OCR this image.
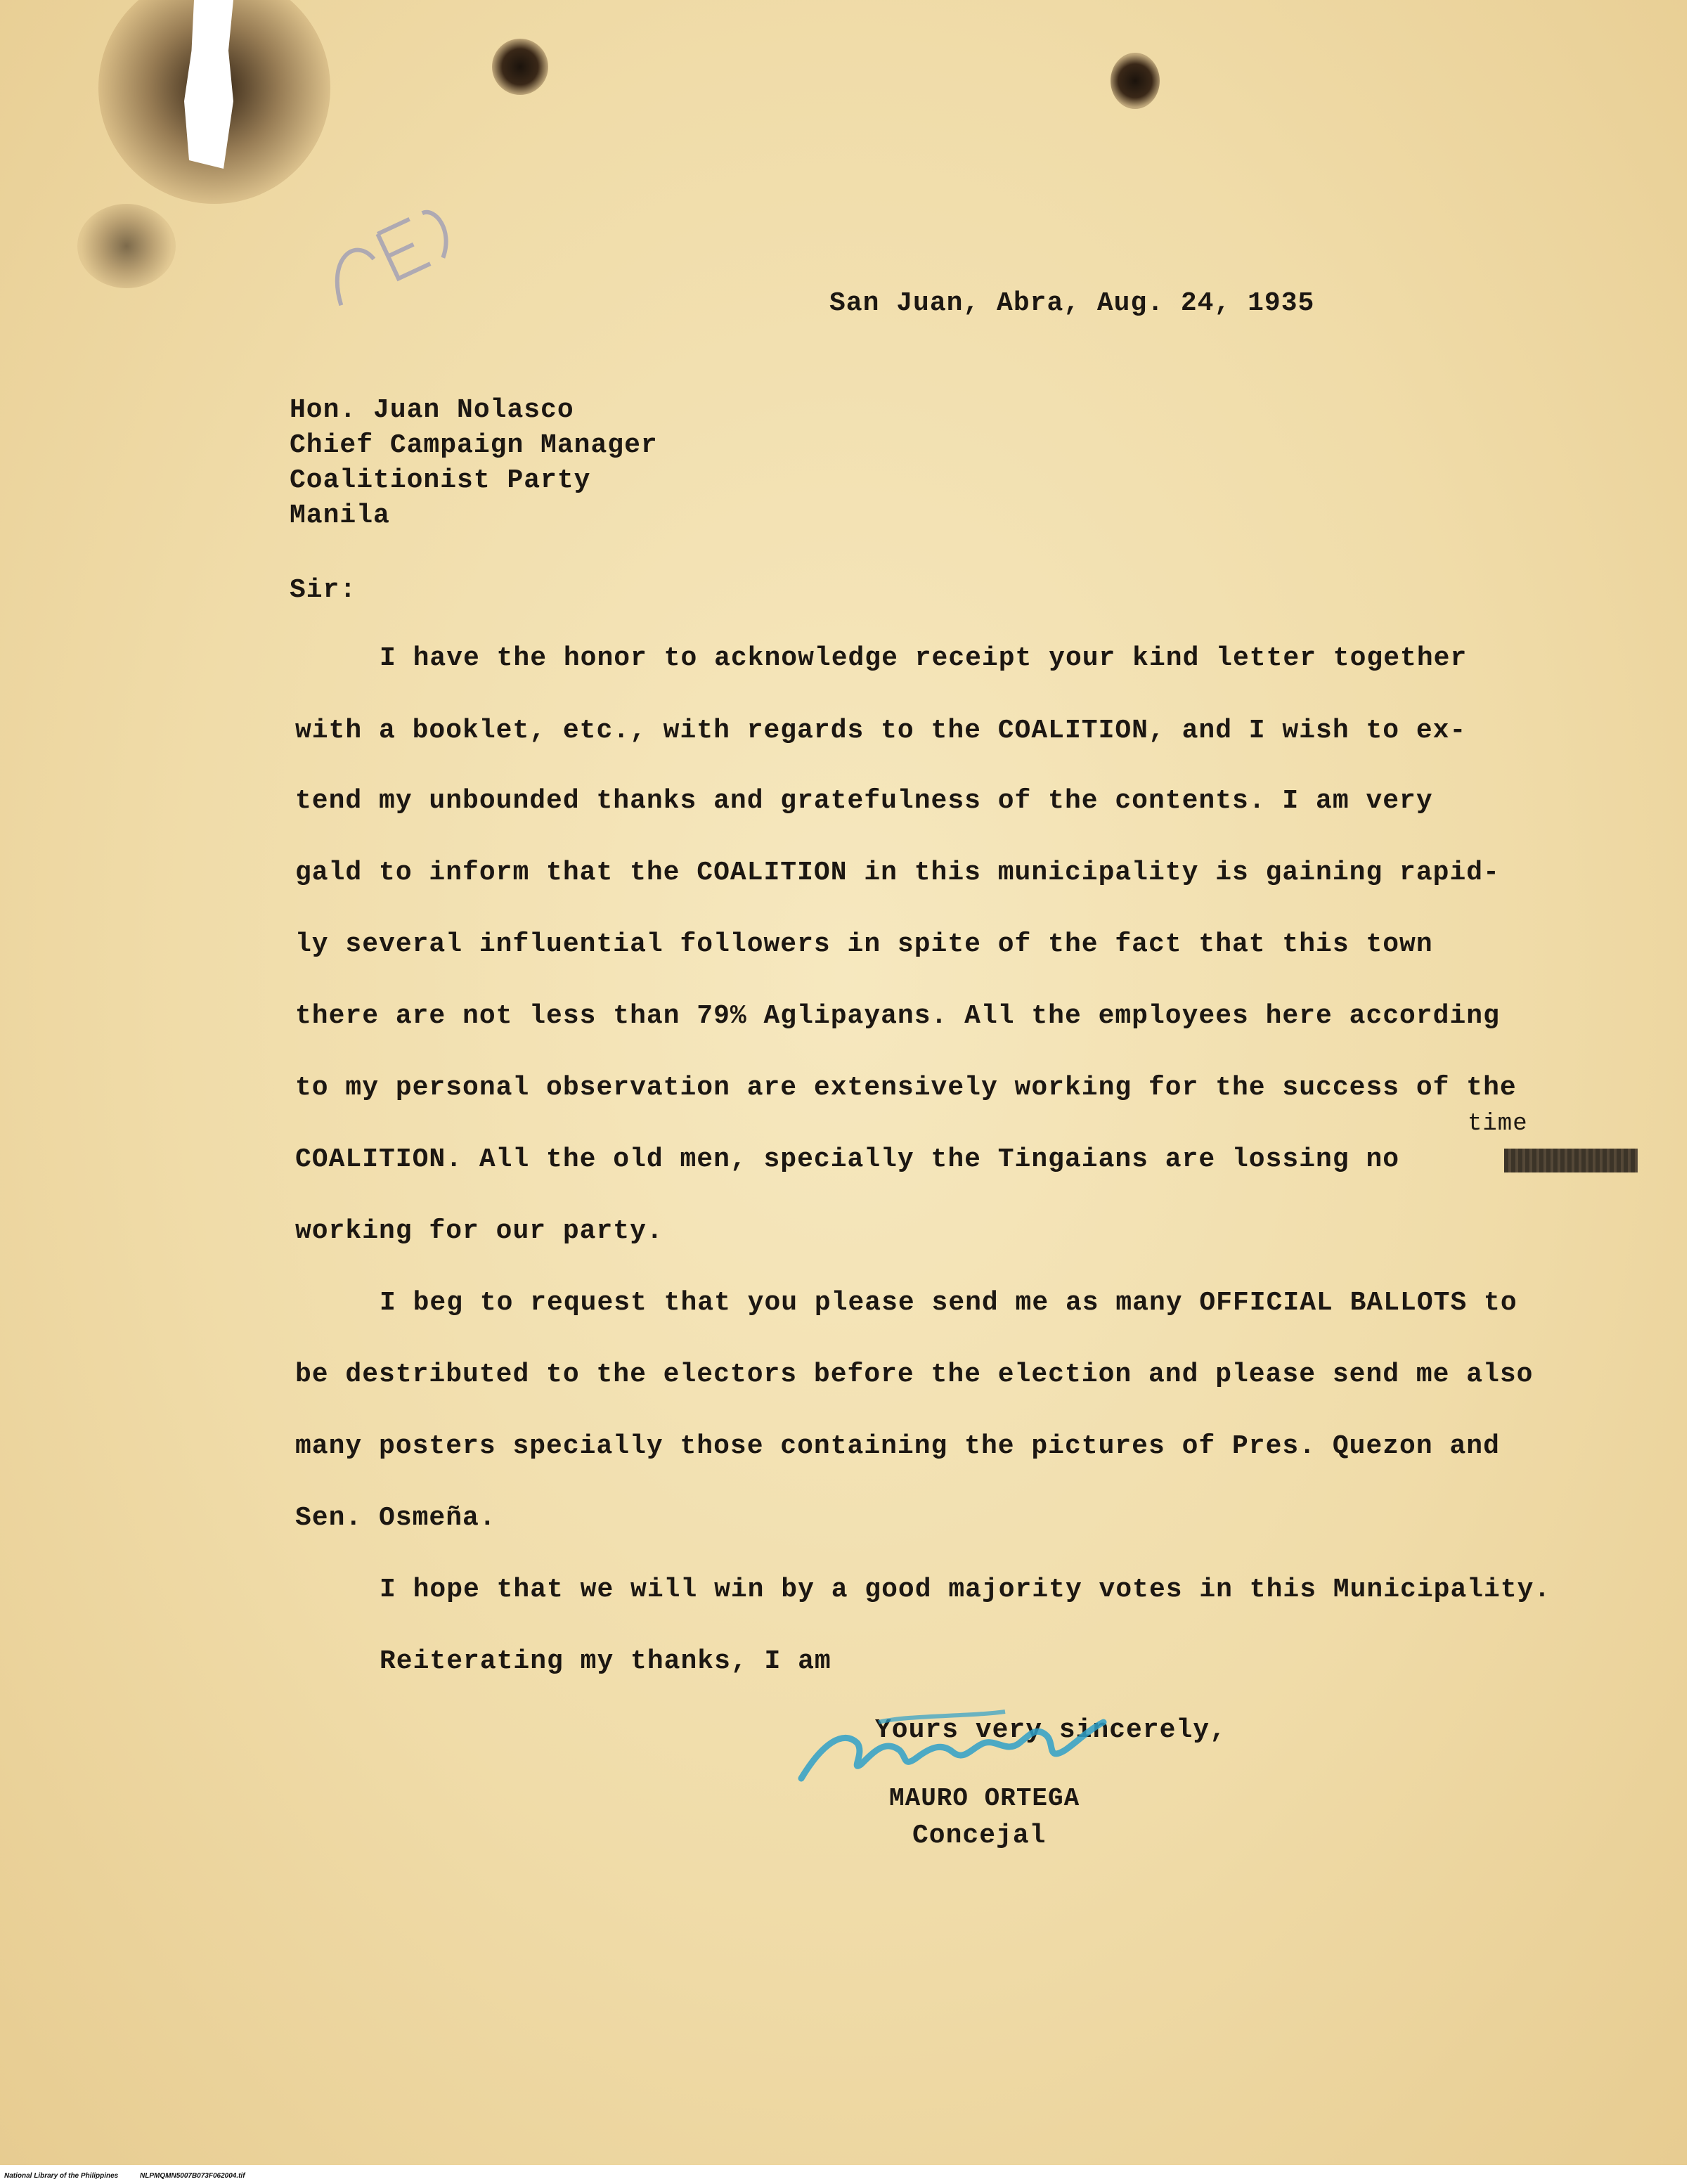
San Juan, Abra, Aug. 24, 1935
Hon. Juan Nolasco
Chief Campaign Manager
Coalitionist Party
Manila
Sir:
I have the honor to acknowledge receipt your kind letter together
with a booklet, etc., with regards to the COALITION, and I wish to ex-
tend my unbounded thanks and gratefulness of the contents. I am very
gald to inform that the COALITION in this municipality is gaining rapid-
ly several influential followers in spite of the fact that this town
there are not less than 79% Aglipayans. All the employees here according
to my personal observation are extensively working for the success of the
time
COALITION. All the old men, specially the Tingaians are lossing no
working for our party.
I beg to request that you please send me as many OFFICIAL BALLOTS to
be destributed to the electors before the election and please send me also
many posters specially those containing the pictures of Pres. Quezon and
Sen. Osmeña.
I hope that we will win by a good majority votes in this Municipality.
Reiterating my thanks, I am
Yours very sincerely,
MAURO ORTEGA
Concejal
National Library of the Philippines	NLPMQMN5007B073F062004.tif
